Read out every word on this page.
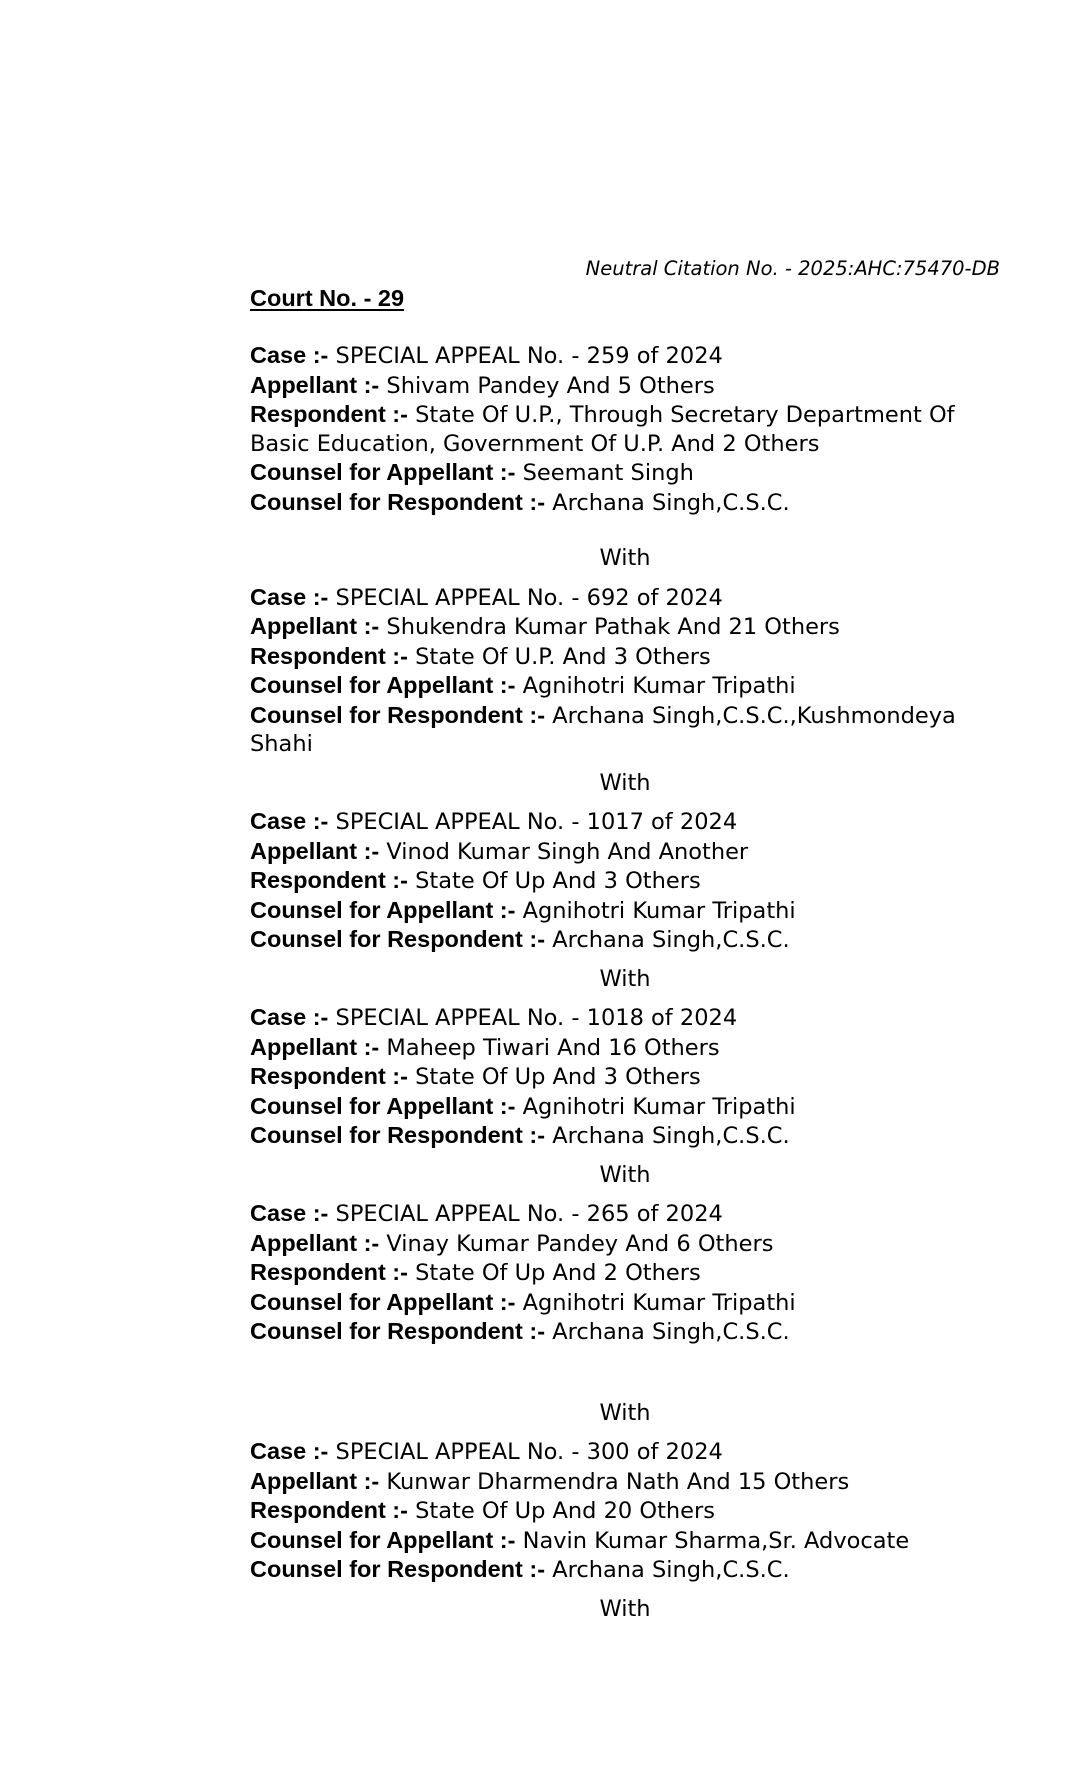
Neutral Citation No. - 2025:AHC:75470-DB
Court No. - 29
Case :- SPECIAL APPEAL No. - 259 of 2024
Appellant :- Shivam Pandey And 5 Others
Respondent :- State Of U.P., Through Secretary Department Of Basic Education, Government Of U.P. And 2 Others
Counsel for Appellant :- Seemant Singh
Counsel for Respondent :- Archana Singh,C.S.C.
With
Case :- SPECIAL APPEAL No. - 692 of 2024
Appellant :- Shukendra Kumar Pathak And 21 Others
Respondent :- State Of U.P. And 3 Others
Counsel for Appellant :- Agnihotri Kumar Tripathi
Counsel for Respondent :- Archana Singh,C.S.C.,Kushmondeya Shahi
With
Case :- SPECIAL APPEAL No. - 1017 of 2024
Appellant :- Vinod Kumar Singh And Another
Respondent :- State Of Up And 3 Others
Counsel for Appellant :- Agnihotri Kumar Tripathi
Counsel for Respondent :- Archana Singh,C.S.C.
With
Case :- SPECIAL APPEAL No. - 1018 of 2024
Appellant :- Maheep Tiwari And 16 Others
Respondent :- State Of Up And 3 Others
Counsel for Appellant :- Agnihotri Kumar Tripathi
Counsel for Respondent :- Archana Singh,C.S.C.
With
Case :- SPECIAL APPEAL No. - 265 of 2024
Appellant :- Vinay Kumar Pandey And 6 Others
Respondent :- State Of Up And 2 Others
Counsel for Appellant :- Agnihotri Kumar Tripathi
Counsel for Respondent :- Archana Singh,C.S.C.
With
Case :- SPECIAL APPEAL No. - 300 of 2024
Appellant :- Kunwar Dharmendra Nath And 15 Others
Respondent :- State Of Up And 20 Others
Counsel for Appellant :- Navin Kumar Sharma,Sr. Advocate
Counsel for Respondent :- Archana Singh,C.S.C.
With
